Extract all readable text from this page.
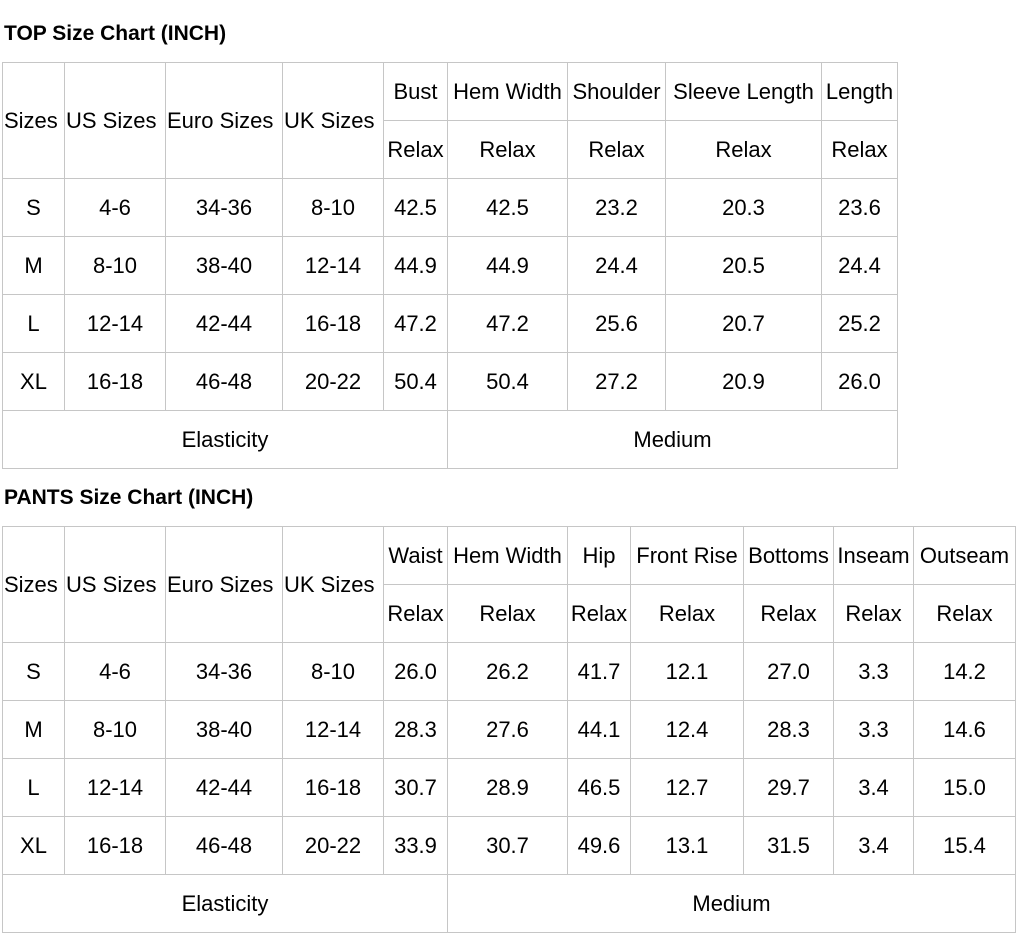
TOP Size Chart (INCH)
Sizes	US Sizes	Euro Sizes	UK Sizes	Bust	Hem Width	Shoulder	Sleeve Length	Length
				Relax	Relax	Relax	Relax	Relax
S	4-6	34-36	8-10	42.5	42.5	23.2	20.3	23.6
M	8-10	38-40	12-14	44.9	44.9	24.4	20.5	24.4
L	12-14	42-44	16-18	47.2	47.2	25.6	20.7	25.2
XL	16-18	46-48	20-22	50.4	50.4	27.2	20.9	26.0
Elasticity					Medium			
PANTS Size Chart (INCH)
Sizes	US Sizes	Euro Sizes	UK Sizes	Waist	Hem Width	Hip	Front Rise	Bottoms	Inseam	Outseam
				Relax	Relax	Relax	Relax	Relax	Relax	Relax
S	4-6	34-36	8-10	26.0	26.2	41.7	12.1	27.0	3.3	14.2
M	8-10	38-40	12-14	28.3	27.6	44.1	12.4	28.3	3.3	14.6
L	12-14	42-44	16-18	30.7	28.9	46.5	12.7	29.7	3.4	15.0
XL	16-18	46-48	20-22	33.9	30.7	49.6	13.1	31.5	3.4	15.4
Elasticity					Medium					
